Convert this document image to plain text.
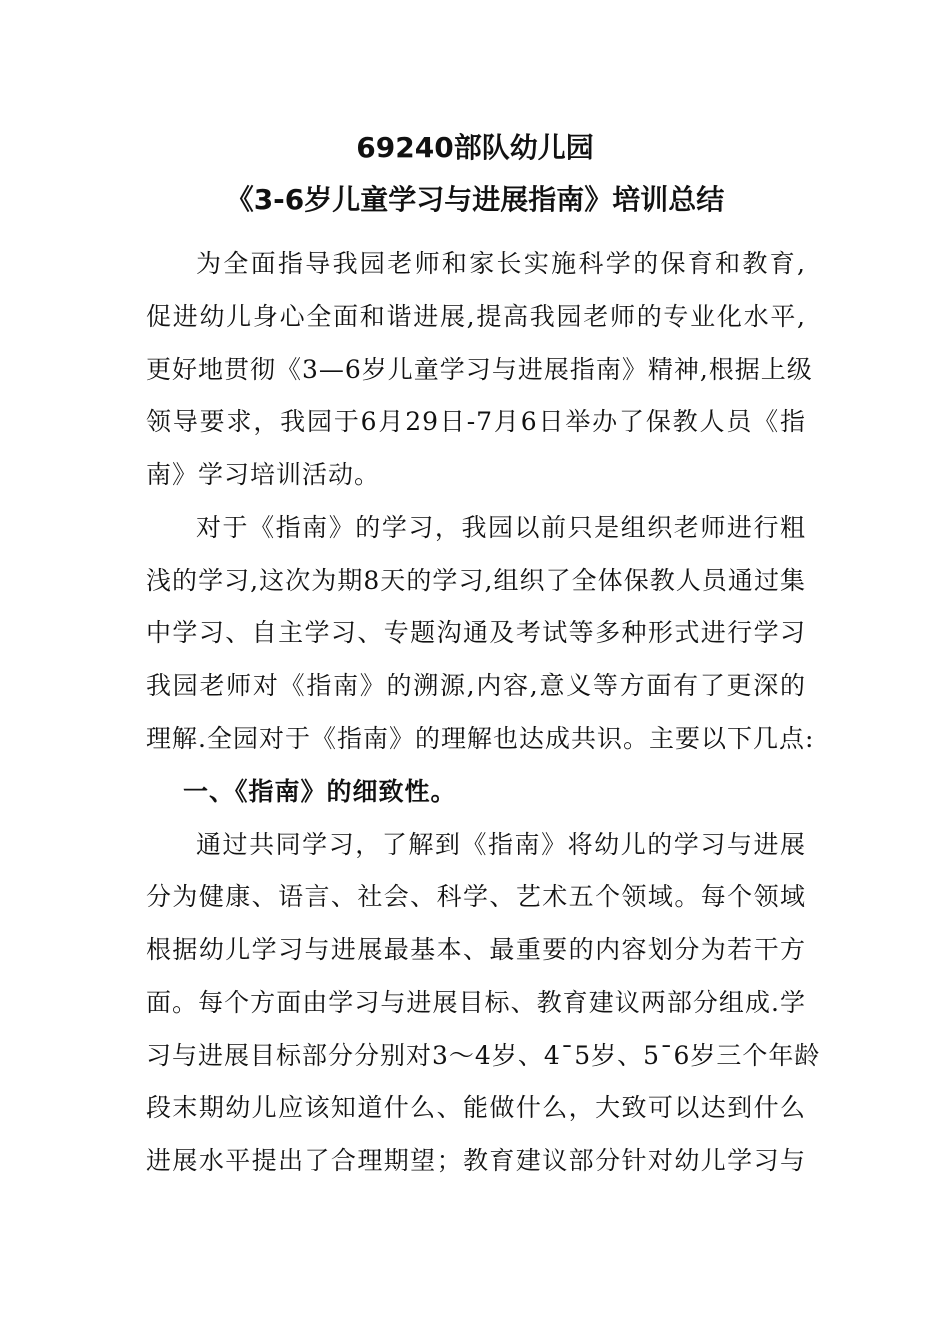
69240部队幼儿园
《3-6岁儿童学习与进展指南》培训总结
为全面指导我园老师和家长实施科学的保育和教育,
促进幼儿身心全面和谐进展,提高我园老师的专业化水平,
更好地贯彻《3—6岁儿童学习与进展指南》精神,根据上级
领导要求，我园于6月29日-7月6日举办了保教人员《指
南》学习培训活动。
对于《指南》的学习，我园以前只是组织老师进行粗
浅的学习,这次为期8天的学习,组织了全体保教人员通过集
中学习、自主学习、专题沟通及考试等多种形式进行学习
我园老师对《指南》的溯源,内容,意义等方面有了更深的
理解.全园对于《指南》的理解也达成共识。主要以下几点:
一、《指南》的细致性。
通过共同学习，了解到《指南》将幼儿的学习与进展
分为健康、语言、社会、科学、艺术五个领域。每个领域
根据幼儿学习与进展最基本、最重要的内容划分为若干方
面。每个方面由学习与进展目标、教育建议两部分组成.学
习与进展目标部分分别对3～4岁、4¯5岁、5¯6岁三个年龄
段末期幼儿应该知道什么、能做什么，大致可以达到什么
进展水平提出了合理期望；教育建议部分针对幼儿学习与
